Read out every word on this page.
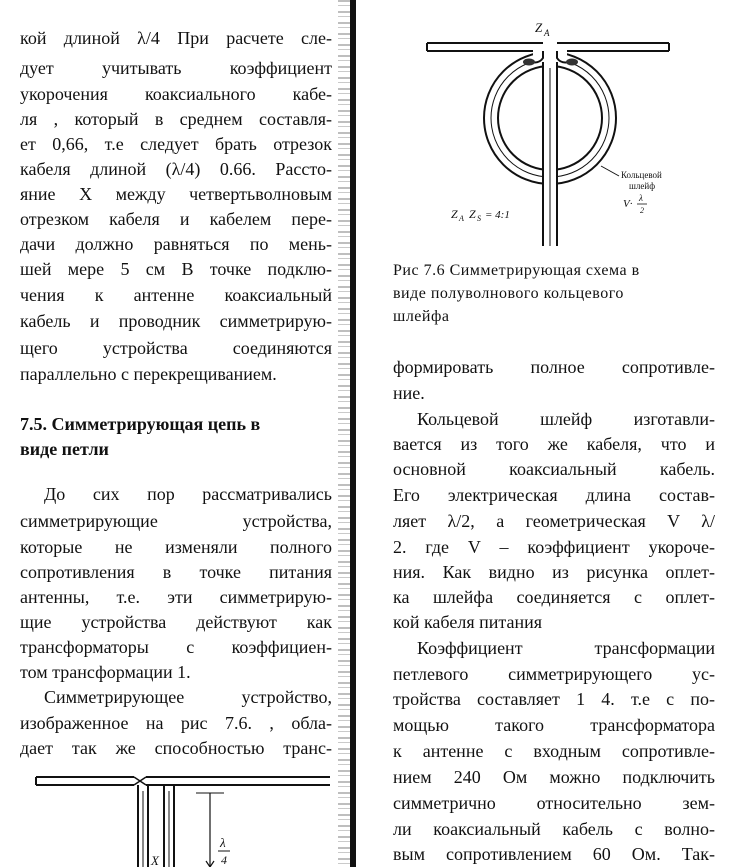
кой длиной λ/4 При расчете сле-
дует учитывать коэффициент
укорочения коаксиального кабе-
ля , который в среднем составля-
ет 0,66, т.е следует брать отрезок
кабеля длиной (λ/4) 0.66. Рассто-
яние X между четвертьволновым
отрезком кабеля и кабелем пере-
дачи должно равняться по мень-
шей мере 5 см В точке подклю-
чения к антенне коаксиальный
кабель и проводник симметрирую-
щего устройства соединяются
параллельно с перекрещиванием.
7.5. Симметрирующая цепь в
виде петли
До сих пор рассматривались
симметрирующие устройства,
которые не изменяли полного
сопротивления в точке питания
антенны, т.е. эти симметрирую-
щие устройства действуют как
трансформаторы с коэффициен-
том трансформации 1.
Симметрирующее устройство,
изображенное на рис 7.6. , обла-
дает так же способностью транс-
X
λ
4
Z A
Кольцевой
шлейф
V· λ
2
Z A Z S = 4:1
Рис 7.6 Симметрирующая схема в
виде полуволнового кольцевого
шлейфа
формировать полное сопротивле-
ние.
Кольцевой шлейф изготавли-
вается из того же кабеля, что и
основной коаксиальный кабель.
Его электрическая длина состав-
ляет λ/2, а геометрическая V λ/
2. где V – коэффициент укороче-
ния. Как видно из рисунка оплет-
ка шлейфа соединяется с оплет-
кой кабеля питания
Коэффициент трансформации
петлевого симметрирующего ус-
тройства составляет 1 4. т.е с по-
мощью такого трансформатора
к антенне с входным сопротивле-
нием 240 Ом можно подключить
симметрично относительно зем-
ли коаксиальный кабель с волно-
вым сопротивлением 60 Ом. Так-
